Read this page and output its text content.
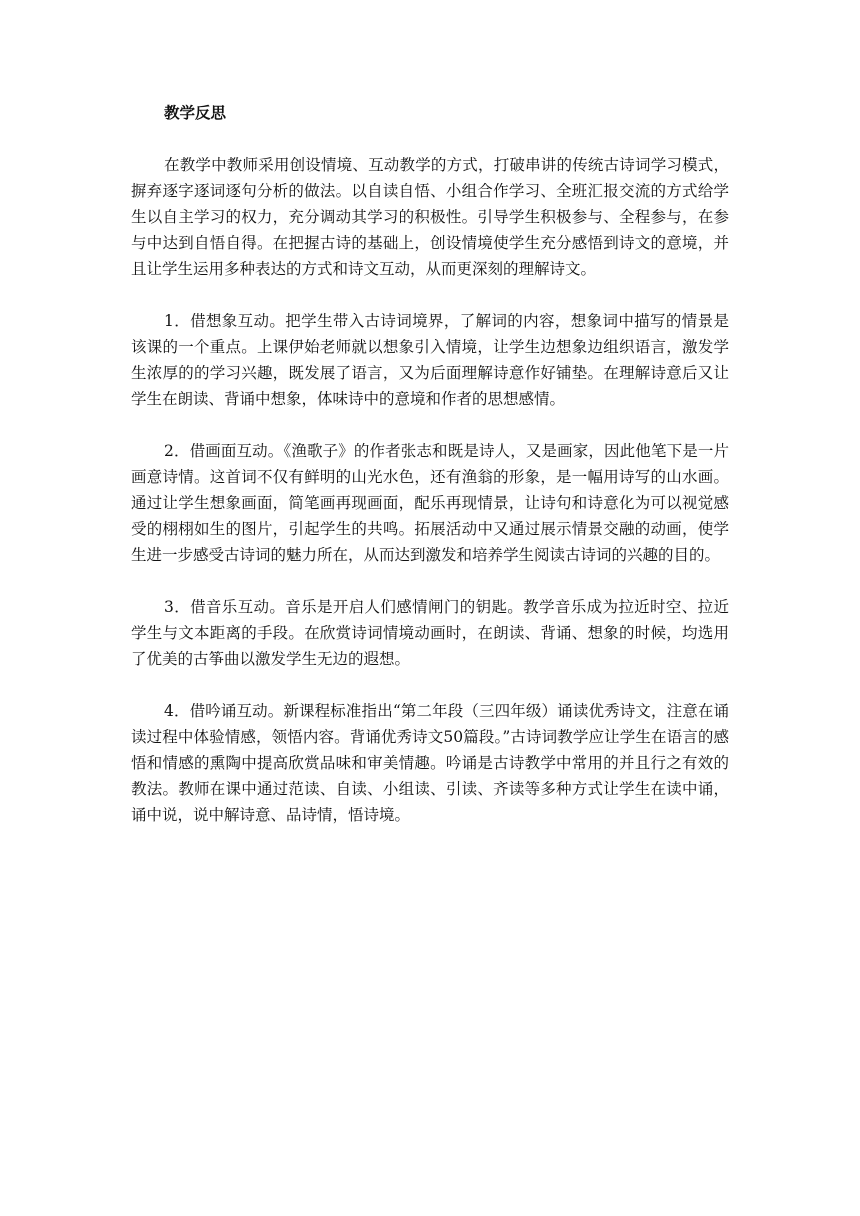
教学反思

在教学中教师采用创设情境、互动教学的方式，打破串讲的传统古诗词学习模式，摒弃逐字逐词逐句分析的做法。以自读自悟、小组合作学习、全班汇报交流的方式给学生以自主学习的权力，充分调动其学习的积极性。引导学生积极参与、全程参与，在参与中达到自悟自得。在把握古诗的基础上，创设情境使学生充分感悟到诗文的意境，并且让学生运用多种表达的方式和诗文互动，从而更深刻的理解诗文。

1．借想象互动。把学生带入古诗词境界，了解词的内容，想象词中描写的情景是该课的一个重点。上课伊始老师就以想象引入情境，让学生边想象边组织语言，激发学生浓厚的的学习兴趣，既发展了语言，又为后面理解诗意作好铺垫。在理解诗意后又让学生在朗读、背诵中想象，体味诗中的意境和作者的思想感情。

2．借画面互动。《渔歌子》的作者张志和既是诗人，又是画家，因此他笔下是一片画意诗情。这首词不仅有鲜明的山光水色，还有渔翁的形象，是一幅用诗写的山水画。通过让学生想象画面，简笔画再现画面，配乐再现情景，让诗句和诗意化为可以视觉感受的栩栩如生的图片，引起学生的共鸣。拓展活动中又通过展示情景交融的动画，使学生进一步感受古诗词的魅力所在，从而达到激发和培养学生阅读古诗词的兴趣的目的。

3．借音乐互动。音乐是开启人们感情闸门的钥匙。教学音乐成为拉近时空、拉近学生与文本距离的手段。在欣赏诗词情境动画时，在朗读、背诵、想象的时候，均选用了优美的古筝曲以激发学生无边的遐想。

4．借吟诵互动。新课程标准指出“第二年段（三四年级）诵读优秀诗文，注意在诵读过程中体验情感，领悟内容。背诵优秀诗文50篇段。”古诗词教学应让学生在语言的感悟和情感的熏陶中提高欣赏品味和审美情趣。吟诵是古诗教学中常用的并且行之有效的教法。教师在课中通过范读、自读、小组读、引读、齐读等多种方式让学生在读中诵，诵中说，说中解诗意、品诗情，悟诗境。
